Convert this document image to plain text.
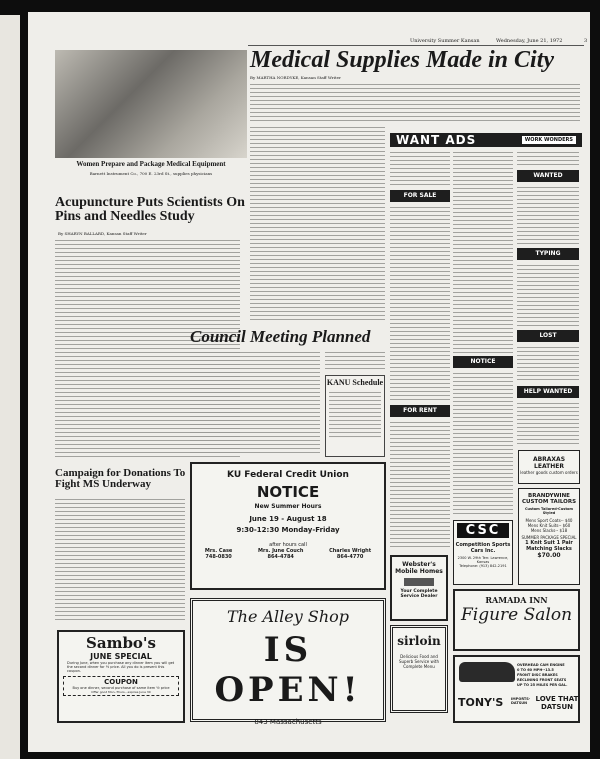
University Summer Kansan	Wednesday, June 21, 1972	3
Women Prepare and Package Medical Equipment
Barnett Instrument Co., 700 E. 23rd St., supplies physicians
Medical Supplies Made in City
By MARTHA NORDYKE, Kansan Staff Writer
Acupuncture Puts Scientists On Pins and Needles Study
By SHARYN BALLARD, Kansan Staff Writer
Council Meeting Planned
KANU Schedule
Campaign for Donations To Fight MS Underway
KU Federal Credit Union
NOTICE
New Summer Hours
June 19 - August 18
9:30-12:30 Monday-Friday
after hours call
Mrs. Case
748-0830
Mrs. June Couch
864-4784
Charles Wright
864-4770
The Alley Shop
IS OPEN!
843 Massachusetts
Sambo's
JUNE SPECIAL
During June, when you purchase any dinner item you will get the second dinner for ½ price. All you do is present this coupon.
COUPON
Buy one dinner, second purchase of same item ½ price
Offer good Mon.-Thurs., expires June 30
WANT ADS	WORK WONDERS
FOR SALE
WANTED
TYPING
NOTICE
LOST
HELP WANTED
FOR RENT
ABRAXAS LEATHER
leather goods custom orders
BRANDYWINE CUSTOM TAILORS
Custom Tailored-Custom Styled
Mens Sport Coats-- $40
Mens Knit Suits-- $60
Mens Slacks-- $18
SUMMER PACKAGE SPECIAL
1 Knit Suit 1 Pair Matching Slacks
$70.00
CSC
Competition Sports Cars Inc.
2300 W. 29th Terr. Lawrence, Kansas
Telephone: (913) 842-2191
Webster's Mobile Homes
Your Complete Service Dealer
sirloin
Delicious Food and Superb Service with Complete Menu
RAMADA INN
Figure Salon
OVERHEAD CAM ENGINE
0 TO 60 MPH--13.5
FRONT DISC BRAKES
RECLINING FRONT SEATS
UP TO 25 MILES PER GAL.
TONY'S IMPORTS-DATSUN	LOVE THAT DATSUN
